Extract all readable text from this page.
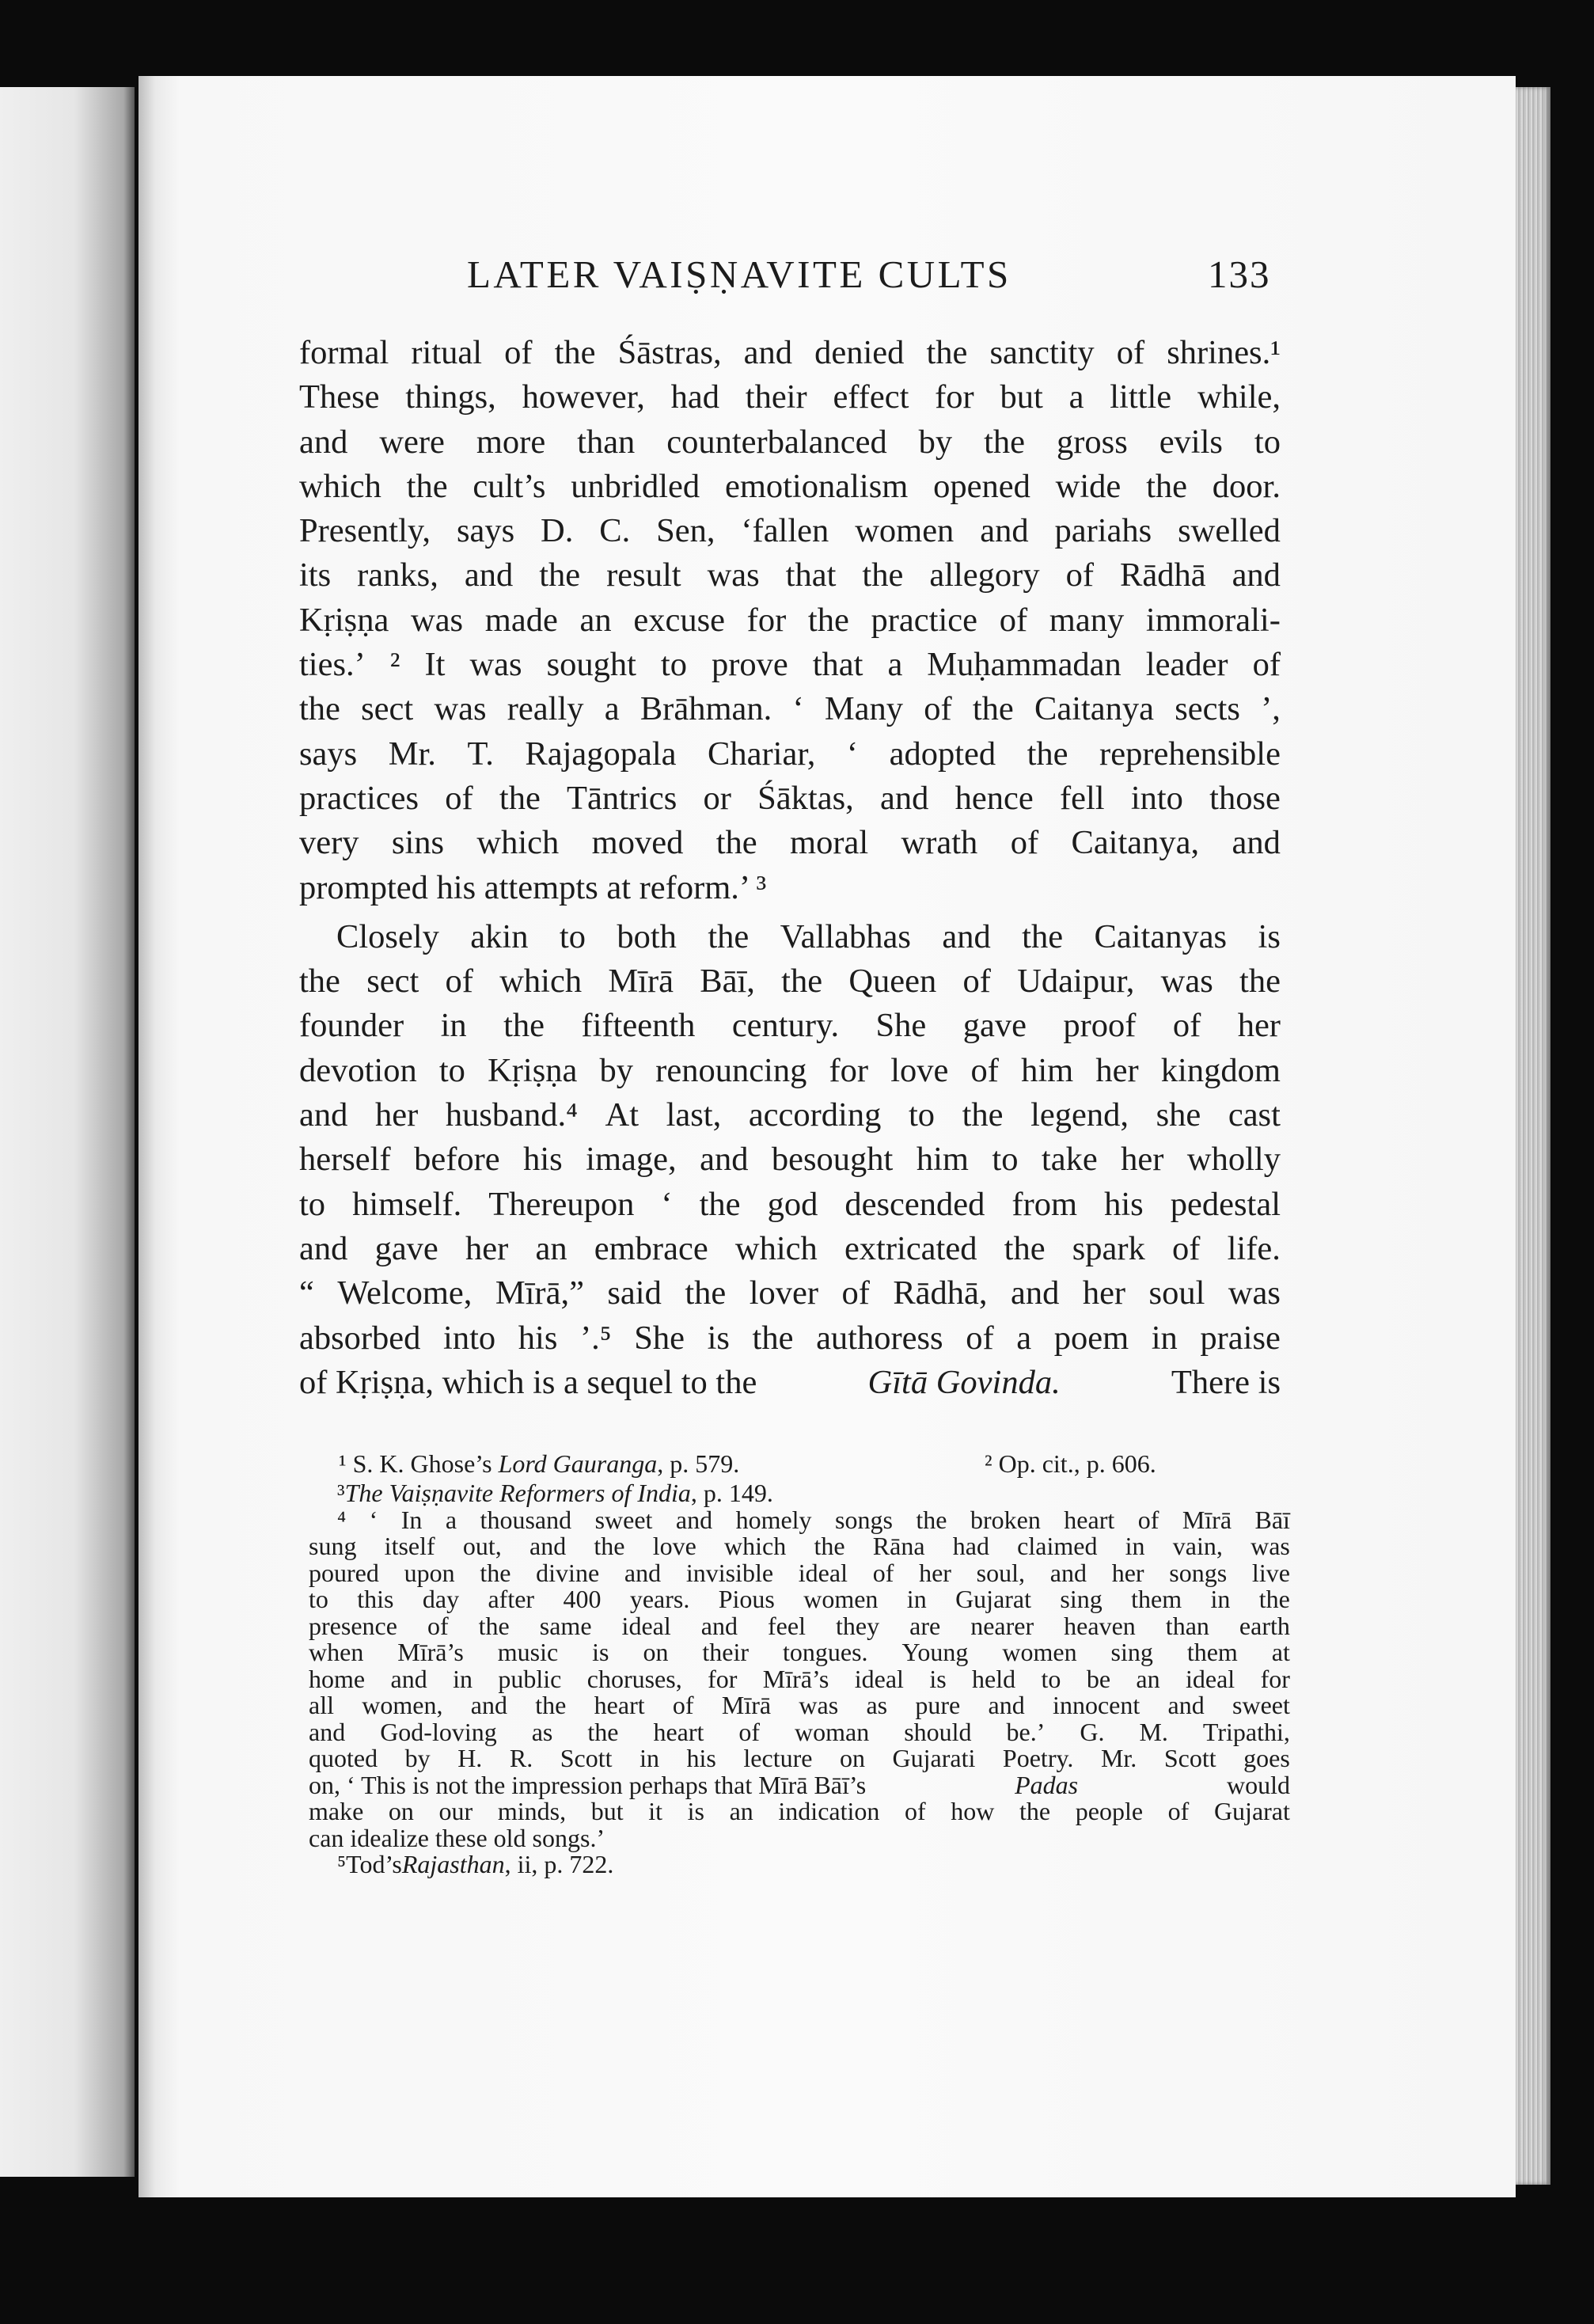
LATER VAIṢṆAVITE CULTS	133
formal ritual of the Śāstras, and denied the sanctity of shrines.¹
These things, however, had their effect for but a little while,
and were more than counterbalanced by the gross evils to
which the cult’s unbridled emotionalism opened wide the door.
Presently, says D. C. Sen, ‘fallen women and pariahs swelled
its ranks, and the result was that the allegory of Rādhā and
Kṛiṣṇa was made an excuse for the practice of many immorali-
ties.’ ² It was sought to prove that a Muḥammadan leader of
the sect was really a Brāhman. ‘ Many of the Caitanya sects ’,
says Mr. T. Rajagopala Chariar, ‘ adopted the reprehensible
practices of the Tāntrics or Śāktas, and hence fell into those
very sins which moved the moral wrath of Caitanya, and
prompted his attempts at reform.’ ³
Closely akin to both the Vallabhas and the Caitanyas is
the sect of which Mīrā Bāī, the Queen of Udaipur, was the
founder in the fifteenth century. She gave proof of her
devotion to Kṛiṣṇa by renouncing for love of him her kingdom
and her husband.⁴ At last, according to the legend, she cast
herself before his image, and besought him to take her wholly
to himself. Thereupon ‘ the god descended from his pedestal
and gave her an embrace which extricated the spark of life.
“ Welcome, Mīrā,” said the lover of Rādhā, and her soul was
absorbed into his ’.⁵ She is the authoress of a poem in praise
of Kṛiṣṇa, which is a sequel to the	Gītā Govinda.	There is
¹ S. K. Ghose’s Lord Gauranga, p. 579.	² Op. cit., p. 606.
³ The Vaiṣṇavite Reformers of India , p. 149.
⁴ ‘ In a thousand sweet and homely songs the broken heart of Mīrā Bāī
sung itself out, and the love which the Rāna had claimed in vain, was
poured upon the divine and invisible ideal of her soul, and her songs live
to this day after 400 years. Pious women in Gujarat sing them in the
presence of the same ideal and feel they are nearer heaven than earth
when Mīrā’s music is on their tongues. Young women sing them at
home and in public choruses, for Mīrā’s ideal is held to be an ideal for
all women, and the heart of Mīrā was as pure and innocent and sweet
and God-loving as the heart of woman should be.’ G. M. Tripathi,
quoted by H. R. Scott in his lecture on Gujarati Poetry. Mr. Scott goes
on, ‘ This is not the impression perhaps that Mīrā Bāī’s	Padas	would
make on our minds, but it is an indication of how the people of Gujarat
can idealize these old songs.’
⁵ Tod’s Rajasthan , ii, p. 722.
